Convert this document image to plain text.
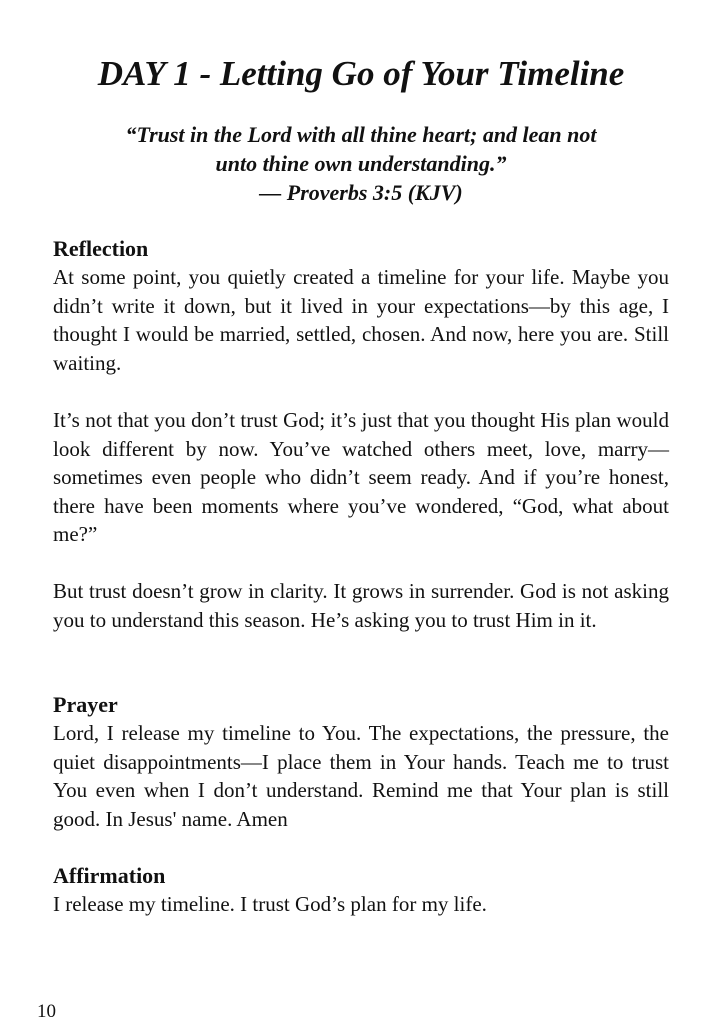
DAY 1 - Letting Go of Your Timeline
“Trust in the Lord with all thine heart; and lean not
unto thine own understanding.”
— Proverbs 3:5 (KJV)
Reflection
At some point, you quietly created a timeline for your life. Maybe you didn’t write it down, but it lived in your expectations—by this age, I thought I would be married, settled, chosen. And now, here you are. Still waiting.
It’s not that you don’t trust God; it’s just that you thought His plan would look different by now. You’ve watched others meet, love, marry—sometimes even people who didn’t seem ready. And if you’re honest, there have been moments where you’ve wondered, “God, what about me?”
But trust doesn’t grow in clarity. It grows in surrender. God is not asking you to understand this season. He’s asking you to trust Him in it.
Prayer
Lord, I release my timeline to You. The expectations, the pressure, the quiet disappointments—I place them in Your hands. Teach me to trust You even when I don’t understand. Remind me that Your plan is still good. In Jesus' name. Amen
Affirmation
I release my timeline. I trust God’s plan for my life.
10
